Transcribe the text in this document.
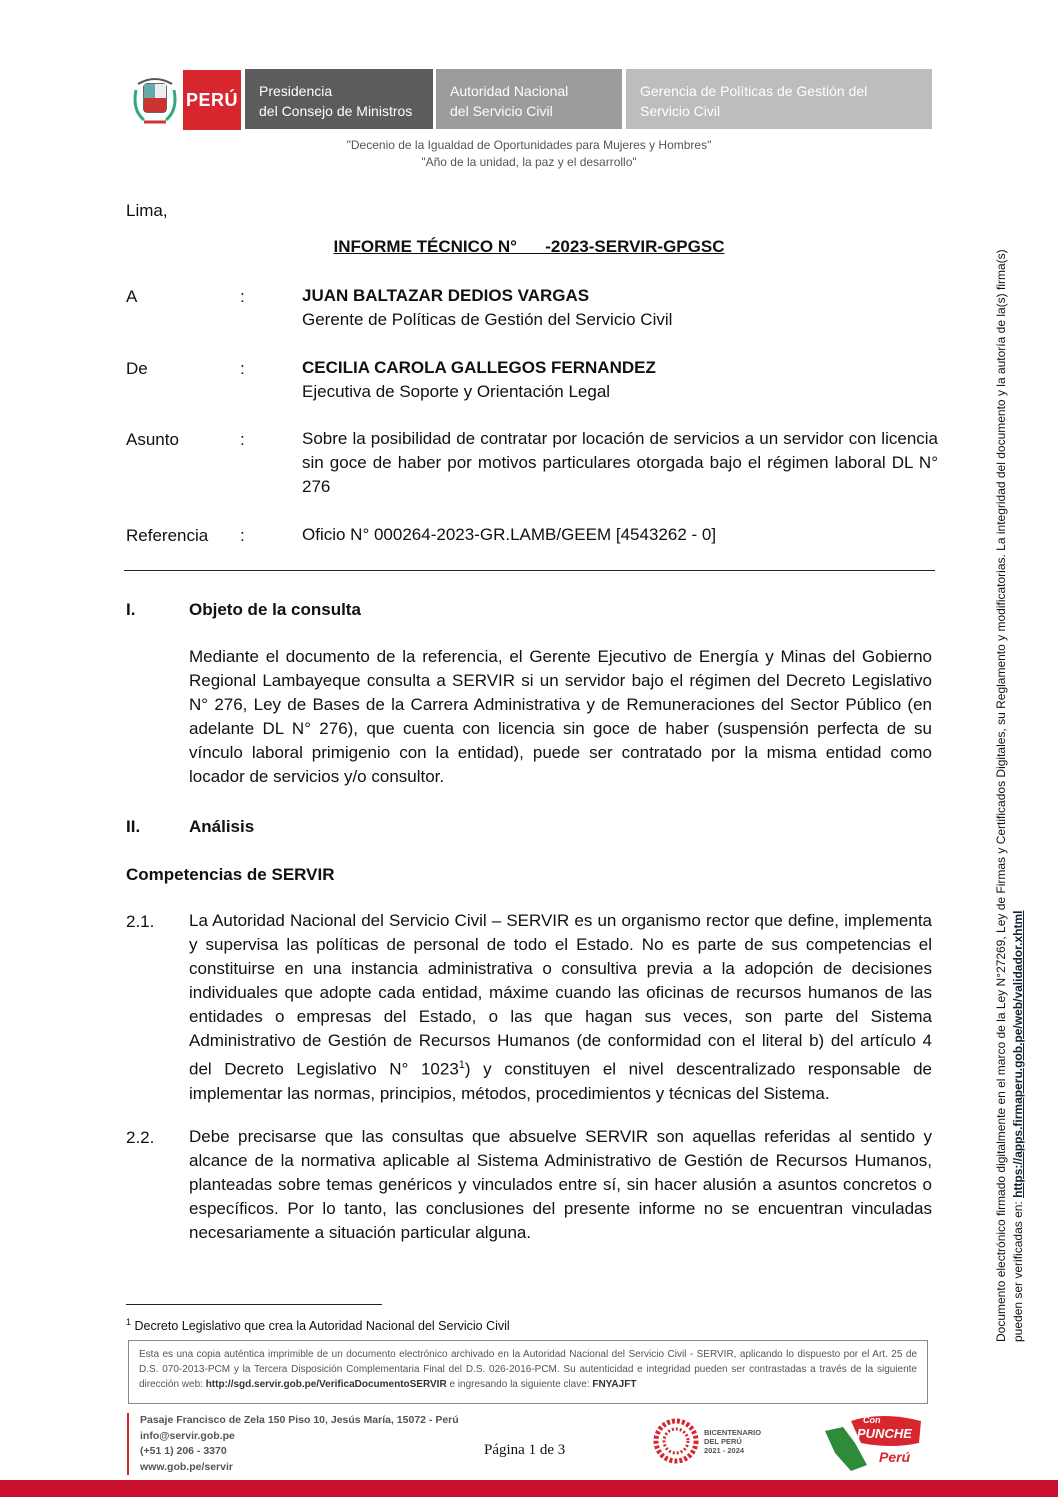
PERÚ Presidencia
del Consejo de Ministros
Autoridad Nacional
del Servicio Civil
Gerencia de Políticas de Gestión del
Servicio Civil
"Decenio de la Igualdad de Oportunidades para Mujeres y Hombres"
"Año de la unidad, la paz y el desarrollo"
Lima,
INFORME TÉCNICO N°      -2023-SERVIR-GPGSC
A	:	JUAN BALTAZAR DEDIOS VARGAS
Gerente de Políticas de Gestión del Servicio Civil
De	:	CECILIA CAROLA GALLEGOS FERNANDEZ
Ejecutiva de Soporte y Orientación Legal
Asunto	:	Sobre la posibilidad de contratar por locación de servicios a un servidor con licencia sin goce de haber por motivos particulares otorgada bajo el régimen laboral DL N° 276
Referencia :	Oficio N° 000264-2023-GR.LAMB/GEEM [4543262 - 0]
I.	Objeto de la consulta
Mediante el documento de la referencia, el Gerente Ejecutivo de Energía y Minas del Gobierno Regional Lambayeque consulta a SERVIR si un servidor bajo el régimen del Decreto Legislativo N° 276, Ley de Bases de la Carrera Administrativa y de Remuneraciones del Sector Público (en adelante DL N° 276), que cuenta con licencia sin goce de haber (suspensión perfecta de su vínculo laboral primigenio con la entidad), puede ser contratado por la misma entidad como locador de servicios y/o consultor.
II.	Análisis
Competencias de SERVIR
2.1. La Autoridad Nacional del Servicio Civil – SERVIR es un organismo rector que define, implementa y supervisa las políticas de personal de todo el Estado. No es parte de sus competencias el constituirse en una instancia administrativa o consultiva previa a la adopción de decisiones individuales que adopte cada entidad, máxime cuando las oficinas de recursos humanos de las entidades o empresas del Estado, o las que hagan sus veces, son parte del Sistema Administrativo de Gestión de Recursos Humanos (de conformidad con el literal b) del artículo 4 del Decreto Legislativo N° 1023$^1$) y constituyen el nivel descentralizado responsable de implementar las normas, principios, métodos, procedimientos y técnicas del Sistema.
2.2. Debe precisarse que las consultas que absuelve SERVIR son aquellas referidas al sentido y alcance de la normativa aplicable al Sistema Administrativo de Gestión de Recursos Humanos, planteadas sobre temas genéricos y vinculados entre sí, sin hacer alusión a asuntos concretos o específicos. Por lo tanto, las conclusiones del presente informe no se encuentran vinculadas necesariamente a situación particular alguna.
$^1$ Decreto Legislativo que crea la Autoridad Nacional del Servicio Civil
Esta es una copia auténtica imprimible de un documento electrónico archivado en la Autoridad Nacional del Servicio Civil - SERVIR, aplicando lo dispuesto por el Art. 25 de D.S. 070-2013-PCM y la Tercera Disposición Complementaria Final del D.S. 026-2016-PCM. Su autenticidad e integridad pueden ser contrastadas a través de la siguiente dirección web: http://sgd.servir.gob.pe/VerificaDocumentoSERVIR e ingresando la siguiente clave: FNYAJFT
Pasaje Francisco de Zela 150 Piso 10, Jesús María, 15072 - Perú
info@servir.gob.pe
(+51 1) 206 - 3370
www.gob.pe/servir
Página 1 de 3
BICENTENARIO
DEL PERÚ
2021 - 2024
Con
PUNCHE
Perú
Documento electrónico firmado digitalmente en el marco de la Ley N°27269, Ley de Firmas y Certificados Digitales, su Reglamento y modificatorias. La integridad del documento y la autoría de la(s) firma(s) pueden ser verificadas en: https://apps.firmaperu.gob.pe/web/validador.xhtml
